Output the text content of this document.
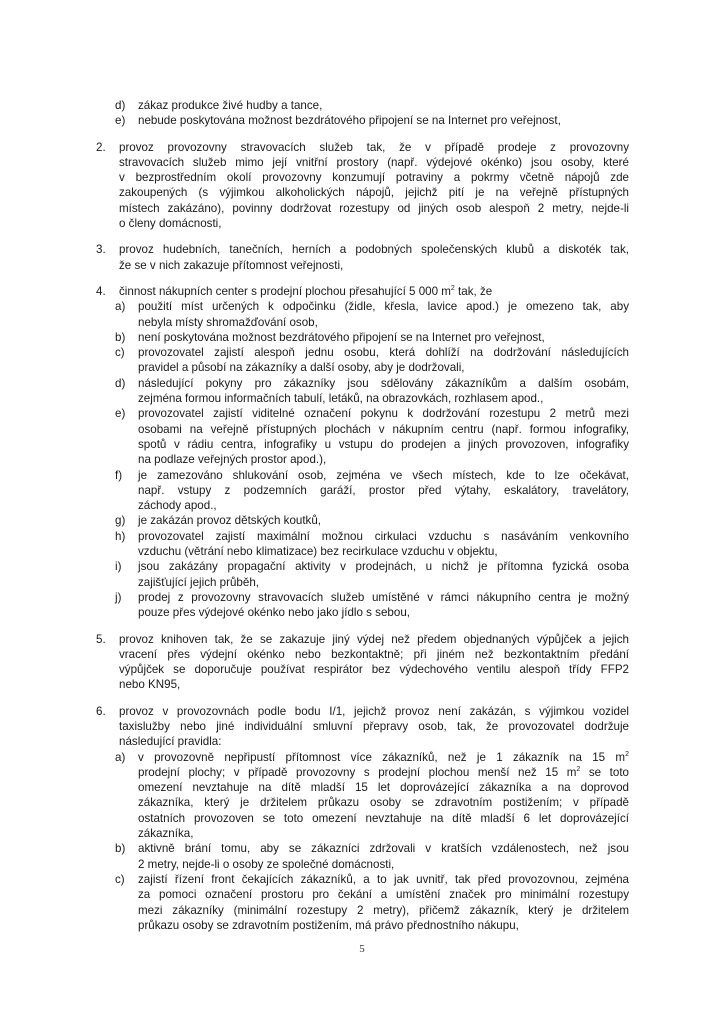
d) zákaz produkce živé hudby a tance,
e) nebude poskytována možnost bezdrátového připojení se na Internet pro veřejnost,
2. provoz provozovny stravovacích služeb tak, že v případě prodeje z provozovny
stravovacích služeb mimo její vnitřní prostory (např. výdejové okénko) jsou osoby, které
v bezprostředním okolí provozovny konzumují potraviny a pokrmy včetně nápojů zde
zakoupených (s výjimkou alkoholických nápojů, jejichž pití je na veřejně přístupných
místech zakázáno), povinny dodržovat rozestupy od jiných osob alespoň 2 metry, nejde-li
o členy domácnosti,
3. provoz hudebních, tanečních, herních a podobných společenských klubů a diskoték tak,
že se v nich zakazuje přítomnost veřejnosti,
4. činnost nákupních center s prodejní plochou přesahující 5 000 $m^2$ tak, že
a) použití míst určených k odpočinku (židle, křesla, lavice apod.) je omezeno tak, aby
nebyla místy shromažďování osob,
b) není poskytována možnost bezdrátového připojení se na Internet pro veřejnost,
c) provozovatel zajistí alespoň jednu osobu, která dohlíží na dodržování následujících
pravidel a působí na zákazníky a další osoby, aby je dodržovali,
d) následující pokyny pro zákazníky jsou sdělovány zákazníkům a dalším osobám,
zejména formou informačních tabulí, letáků, na obrazovkách, rozhlasem apod.,
e) provozovatel zajistí viditelné označení pokynu k dodržování rozestupu 2 metrů mezi
osobami na veřejně přístupných plochách v nákupním centru (např. formou infografiky,
spotů v rádiu centra, infografiky u vstupu do prodejen a jiných provozoven, infografiky
na podlaze veřejných prostor apod.),
f) je zamezováno shlukování osob, zejména ve všech místech, kde to lze očekávat,
např. vstupy z podzemních garáží, prostor před výtahy, eskalátory, travelátory,
záchody apod.,
g) je zakázán provoz dětských koutků,
h) provozovatel zajistí maximální možnou cirkulaci vzduchu s nasáváním venkovního
vzduchu (větrání nebo klimatizace) bez recirkulace vzduchu v objektu,
i) jsou zakázány propagační aktivity v prodejnách, u nichž je přítomna fyzická osoba
zajišťující jejich průběh,
j) prodej z provozovny stravovacích služeb umístěné v rámci nákupního centra je možný
pouze přes výdejové okénko nebo jako jídlo s sebou,
5. provoz knihoven tak, že se zakazuje jiný výdej než předem objednaných výpůjček a jejich
vracení přes výdejní okénko nebo bezkontaktně; při jiném než bezkontaktním předání
výpůjček se doporučuje používat respirátor bez výdechového ventilu alespoň třídy FFP2
nebo KN95,
6. provoz v provozovnách podle bodu I/1, jejichž provoz není zakázán, s výjimkou vozidel
taxislužby nebo jiné individuální smluvní přepravy osob, tak, že provozovatel dodržuje
následující pravidla:
a) v provozovně nepřipustí přítomnost více zákazníků, než je 1 zákazník na 15 $m^2$
prodejní plochy; v případě provozovny s prodejní plochou menší než 15 $m^2$ se toto
omezení nevztahuje na dítě mladší 15 let doprovázející zákazníka a na doprovod
zákazníka, který je držitelem průkazu osoby se zdravotním postižením; v případě
ostatních provozoven se toto omezení nevztahuje na dítě mladší 6 let doprovázející
zákazníka,
b) aktivně brání tomu, aby se zákazníci zdržovali v kratších vzdálenostech, než jsou
2 metry, nejde-li o osoby ze společné domácnosti,
c) zajistí řízení front čekajících zákazníků, a to jak uvnitř, tak před provozovnou, zejména
za pomoci označení prostoru pro čekání a umístění značek pro minimální rozestupy
mezi zákazníky (minimální rozestupy 2 metry), přičemž zákazník, který je držitelem
průkazu osoby se zdravotním postižením, má právo přednostního nákupu,
5
